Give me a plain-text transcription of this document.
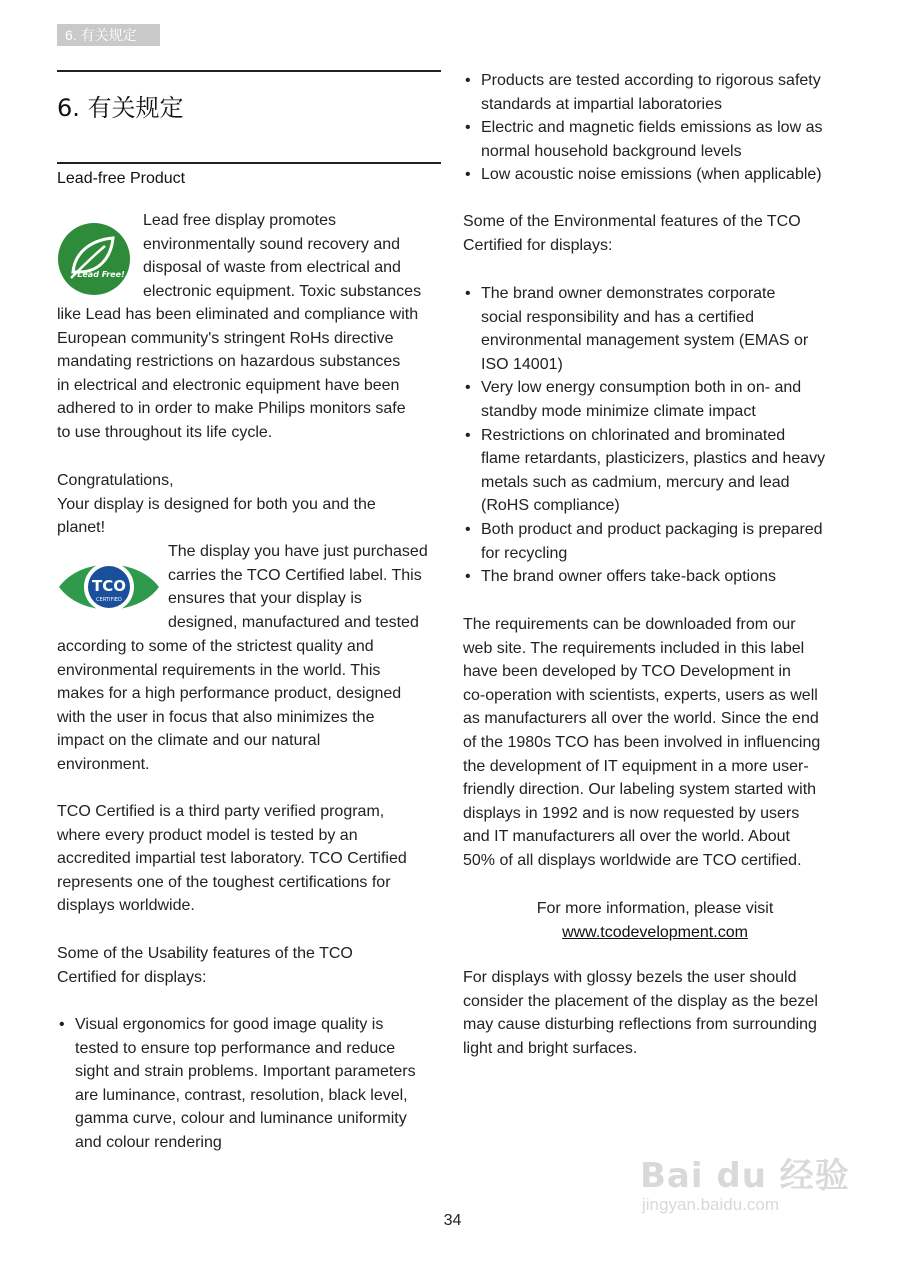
6. 有关规定
6. 有关规定

Lead-free Product

Lead Free!

Lead free display promotes

environmentally sound recovery and

disposal of waste from electrical and

electronic equipment. Toxic substances

like Lead has been eliminated and compliance with

European community's stringent RoHs directive

mandating restrictions on hazardous substances

in electrical and electronic equipment have been

adhered to in order to make Philips monitors safe

to use throughout its life cycle.

Congratulations,

Your display is designed for both you and the

planet!

TCO
CERTIFIED

The display you have just purchased

carries the TCO Certified label. This

ensures that your display is

designed, manufactured and tested

according to some of the strictest quality and

environmental requirements in the world. This

makes for a high performance product, designed

with the user in focus that also minimizes the

impact on the climate and our natural

environment.

TCO Certified is a third party verified program,

where every product model is tested by an

accredited impartial test laboratory. TCO Certified

represents one of the toughest certifications for

displays worldwide.

Some of the Usability features of the TCO

Certified for displays:

• Visual ergonomics for good image quality is

tested to ensure top performance and reduce

sight and strain problems. Important parameters

are luminance, contrast, resolution, black level,

gamma curve, colour and luminance uniformity

and colour rendering

• Products are tested according to rigorous safety

standards at impartial laboratories

• Electric and magnetic fields emissions as low as

normal household background levels

• Low acoustic noise emissions (when applicable)

Some of the Environmental features of the TCO

Certified for displays:

• The brand owner demonstrates corporate

social responsibility and has a certified

environmental management system (EMAS or

ISO 14001)

• Very low energy consumption both in on- and

standby mode minimize climate impact

• Restrictions on chlorinated and brominated

flame retardants, plasticizers, plastics and heavy

metals such as cadmium, mercury and lead

(RoHS compliance)

• Both product and product packaging is prepared

for recycling

• The brand owner offers take-back options

The requirements can be downloaded from our

web site. The requirements included in this label

have been developed by TCO Development in

co-operation with scientists, experts, users as well

as manufacturers all over the world. Since the end

of the 1980s TCO has been involved in influencing

the development of IT equipment in a more user-

friendly direction. Our labeling system started with

displays in 1992 and is now requested by users

and IT manufacturers all over the world. About

50% of all displays worldwide are TCO certified.

For more information, please visit

www.tcodevelopment.com

For displays with glossy bezels the user should

consider the placement of the display as the bezel

may cause disturbing reflections from surrounding

light and bright surfaces.

34
Bai du 经验
jingyan.baidu.com
